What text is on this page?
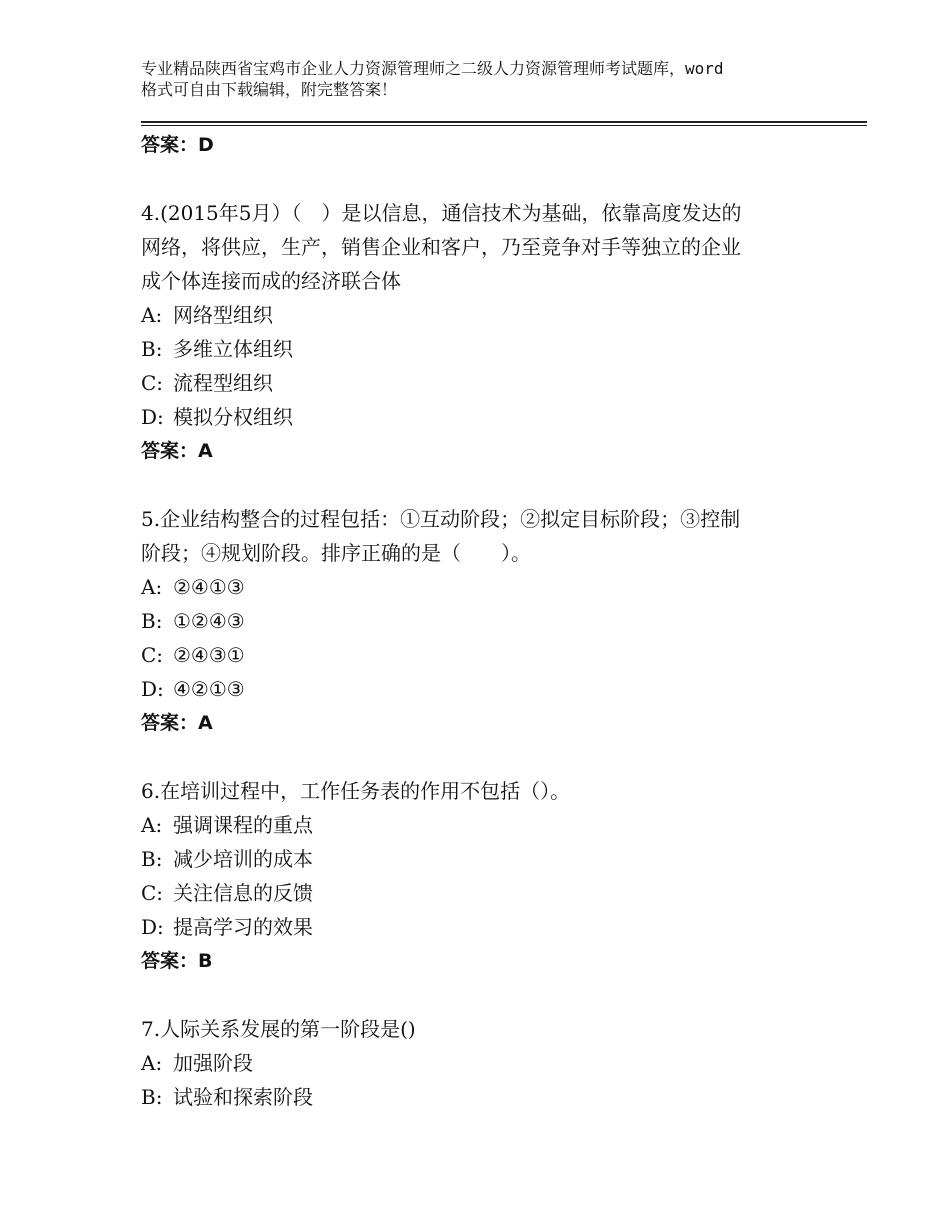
专业精品陕西省宝鸡市企业人力资源管理师之二级人力资源管理师考试题库，word
格式可自由下载编辑，附完整答案！
答案：D
4.(2015年5月）（　）是以信息，通信技术为基础，依靠高度发达的
网络，将供应，生产，销售企业和客户，乃至竞争对手等独立的企业
成个体连接而成的经济联合体
A: 网络型组织
B: 多维立体组织
C: 流程型组织
D: 模拟分权组织
答案：A
5.企业结构整合的过程包括：①互动阶段；②拟定目标阶段；③控制
阶段；④规划阶段。排序正确的是（　　）。
A: ②④①③
B: ①②④③
C: ②④③①
D: ④②①③
答案：A
6.在培训过程中，工作任务表的作用不包括（）。
A: 强调课程的重点
B: 减少培训的成本
C: 关注信息的反馈
D: 提高学习的效果
答案：B
7.人际关系发展的第一阶段是()
A: 加强阶段
B: 试验和探索阶段
